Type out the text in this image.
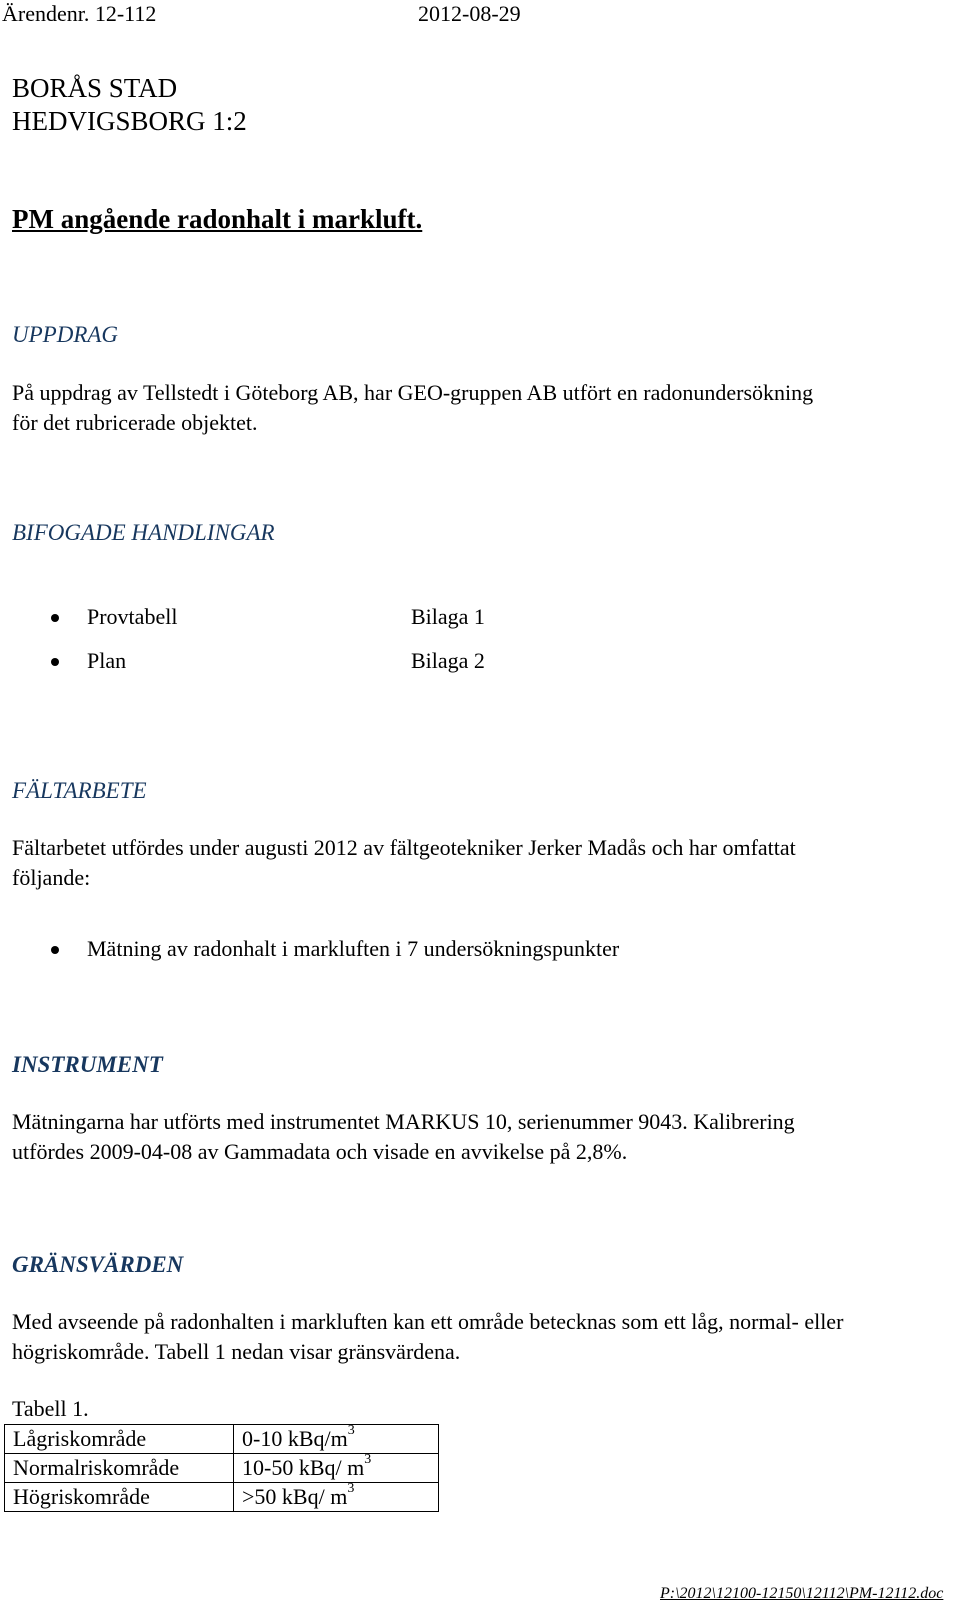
Ärendenr. 12-112	2012-08-29
BORÅS STAD
HEDVIGSBORG 1:2
PM angående radonhalt i markluft.
UPPDRAG
På uppdrag av Tellstedt i Göteborg AB, har GEO-gruppen AB utfört en radonundersökning
för det rubricerade objektet.
BIFOGADE HANDLINGAR
Provtabell	Bilaga 1
Plan	Bilaga 2
FÄLTARBETE
Fältarbetet utfördes under augusti 2012 av fältgeotekniker Jerker Madås och har omfattat
följande:
Mätning av radonhalt i markluften i 7 undersökningspunkter
INSTRUMENT
Mätningarna har utförts med instrumentet MARKUS 10, serienummer 9043. Kalibrering
utfördes 2009-04-08 av Gammadata och visade en avvikelse på 2,8%.
GRÄNSVÄRDEN
Med avseende på radonhalten i markluften kan ett område betecknas som ett låg, normal- eller
högriskområde. Tabell 1 nedan visar gränsvärdena.
Tabell 1.
Lågriskområde	0-10 kBq/$m^3$
Normalriskområde	10-50 kBq/ $m^3$
Högriskområde	>50 kBq/ $m^3$
P:\2012\12100-12150\12112\PM-12112.doc
